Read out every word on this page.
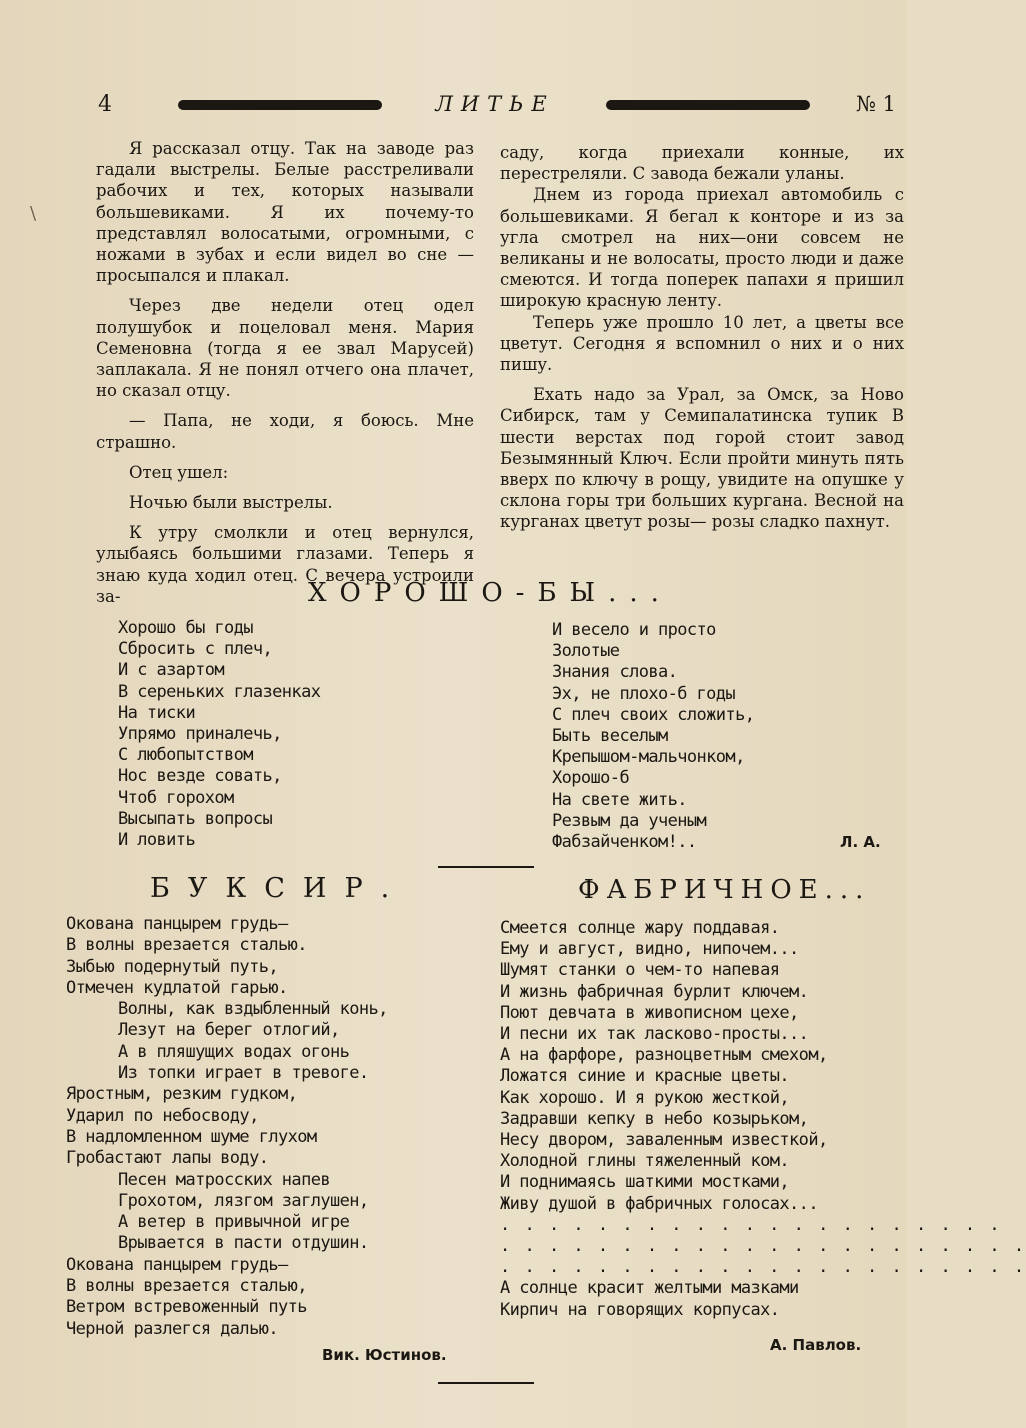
4	ЛИТЬЕ	№ 1
\

Я рассказал отцу. Так на заводе раз гадали выстрелы. Белые расстреливали рабочих и тех, которых называли большевиками. Я их почему-то представлял волосатыми, огромными, с ножами в зубах и если видел во сне — просыпался и плакал.

Через две недели отец одел полушубок и поцеловал меня. Мария Семеновна (тогда я ее звал Марусей) заплакала. Я не понял отчего она плачет, но сказал отцу.

— Папа, не ходи, я боюсь. Мне страшно.

Отец ушел:

Ночью были выстрелы.

К утру смолкли и отец вернулся, улыбаясь большими глазами. Теперь я знаю куда ходил отец. С вечера устроили за-

саду, когда приехали конные, их перестреляли. С завода бежали уланы.

Днем из города приехал автомобиль с большевиками. Я бегал к конторе и из за угла смотрел на них—они совсем не великаны и не волосаты, просто люди и даже смеются. И тогда поперек папахи я пришил широкую красную ленту.

Теперь уже прошло 10 лет, а цветы все цветут. Сегодня я вспомнил о них и о них пишу.

Ехать надо за Урал, за Омск, за Ново Сибирск, там у Семипалатинска тупик В шести верстах под горой стоит завод Безымянный Ключ. Если пройти минуть пять вверх по ключу в рощу, увидите на опушке у склона горы три больших кургана. Весной на курганах цветут розы— розы сладко пахнут.

ХОРОШО-БЫ...
Хорошо бы годы
Сбросить с плеч,
И с азартом
В серенькиx глазенках
На тиски
Упрямо приналечь,
С любопытством
Нос везде совать,
Чтоб горохом
Высыпать вопросы
И ловить
И весело и просто
Золотые
Знания слова.
Эх, не плохо-б годы
С плеч своих сложить,
Быть веселым
Крепышом-мальчонком,
Хорошо-б
На свете жить.
Резвым да ученым
Фабзайченком!..	Л. А.
БУКСИР.	ФАБРИЧНОЕ...
Окована панцырем грудь—
В волны врезается сталью.
Зыбью подернутый путь,
Отмечен кудлатой гарью.
Волны, как вздыбленный конь,
Лезут на берег отлогий,
А в пляшущих водах огонь
Из топки играет в тревоге.
Яростным, резким гудком,
Ударил по небосводу,
В надломленном шуме глухом
Гробастают лапы воду.
Песен матросских напев
Грохотом, лязгом заглушен,
А ветер в привычной игре
Врывается в пасти отдушин.
Окована панцырем грудь—
В волны врезается сталью,
Ветром встревоженный путь
Черной разлегся далью.
Вик. Юстинов.
Смеется солнце жару поддавая.
Ему и август, видно, нипочем...
Шумят станки о чем-то напевая
И жизнь фабричная бурлит ключем.
Поют девчата в живописном цехе,
И песни их так ласково-просты...
А на фарфоре, разноцветным смехом,
Ложатся синие и красные цветы.
Как хорошо. И я рукою жесткой,
Задравши кепку в небо козырьком,
Несу двором, заваленным известкой,
Холодной глины тяжеленный ком.
И поднимаясь шаткими мостками,
Живу душой в фабричных голосах...
. . . . . . . . . . . . . . . . . . . . .
. . . . . . . . . . . . . . . . . . . . . .
. . . . . . . . . . . . . . . . . . . . . .
А солнце красит желтыми мазками
Кирпич на говорящих корпусах.
А. Павлов.
